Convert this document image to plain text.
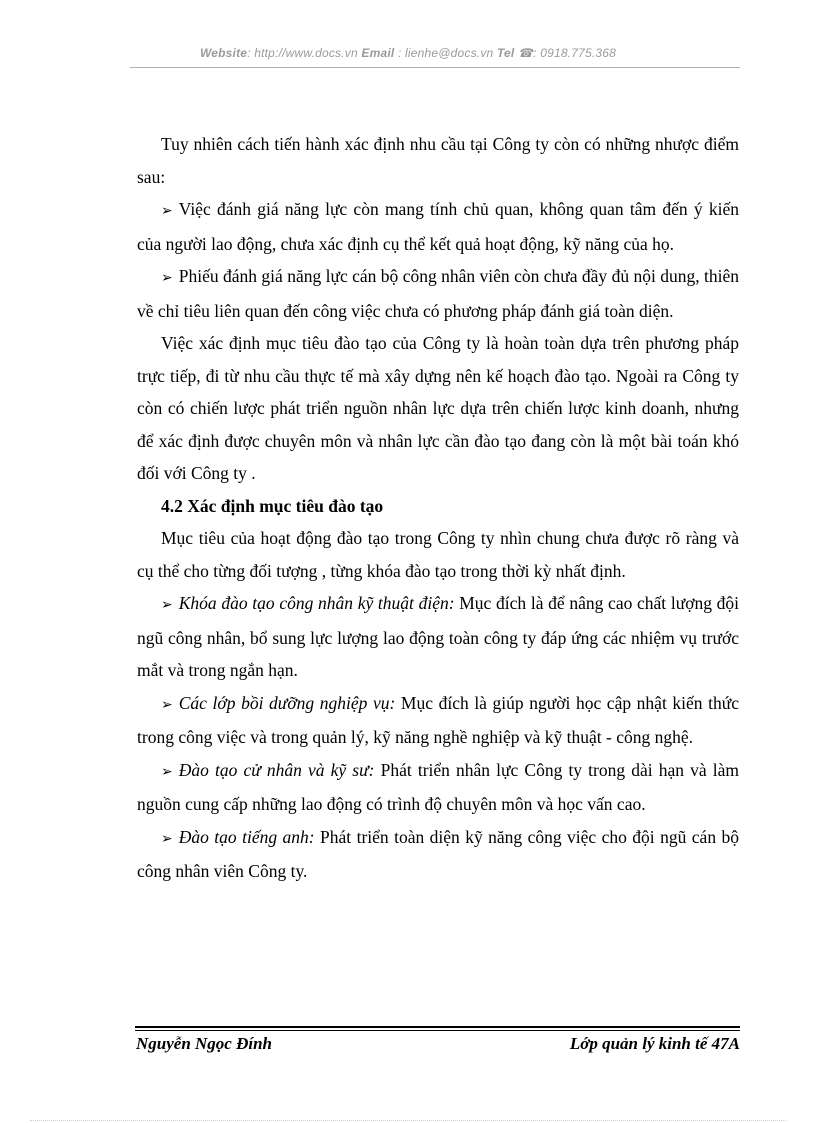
Website: http://www.docs.vn Email : lienhe@docs.vn Tel ☎: 0918.775.368

Tuy nhiên cách tiến hành xác định nhu cầu tại Công ty còn có những nhược điểm sau:

➢ Việc đánh giá năng lực còn mang tính chủ quan, không quan tâm đến ý kiến của người lao động, chưa xác định cụ thể kết quả hoạt động, kỹ năng của họ.

➢ Phiếu đánh giá năng lực cán bộ công nhân viên còn chưa đầy đủ nội dung, thiên về chỉ tiêu liên quan đến công việc chưa có phương pháp đánh giá toàn diện.

Việc xác định mục tiêu đào tạo của Công ty là hoàn toàn dựa trên phương pháp trực tiếp, đi từ nhu cầu thực tế mà xây dựng nên kế hoạch đào tạo. Ngoài ra Công ty còn có chiến lược phát triển nguồn nhân lực dựa trên chiến lược kinh doanh, nhưng để xác định được chuyên môn và nhân lực cần đào tạo đang còn là một bài toán khó đối với Công ty .

4.2 Xác định mục tiêu đào tạo

Mục tiêu của hoạt động đào tạo trong Công ty nhìn chung chưa được rõ ràng và cụ thể cho từng đối tượng , từng khóa đào tạo trong thời kỳ nhất định.

➢ Khóa đào tạo công nhân kỹ thuật điện: Mục đích là để nâng cao chất lượng đội ngũ công nhân, bổ sung lực lượng lao động toàn công ty đáp ứng các nhiệm vụ trước mắt và trong ngắn hạn.

➢ Các lớp bồi dưỡng nghiệp vụ: Mục đích là giúp người học cập nhật kiến thức trong công việc và trong quản lý, kỹ năng nghề nghiệp và kỹ thuật - công nghệ.

➢ Đào tạo cử nhân và kỹ sư: Phát triển nhân lực Công ty trong dài hạn và làm nguồn cung cấp những lao động có trình độ chuyên môn và học vấn cao.

➢ Đào tạo tiếng anh: Phát triển toàn diện kỹ năng công việc cho đội ngũ cán bộ công nhân viên Công ty.

Nguyễn Ngọc Đính	Lớp quản lý kinh tế 47A
